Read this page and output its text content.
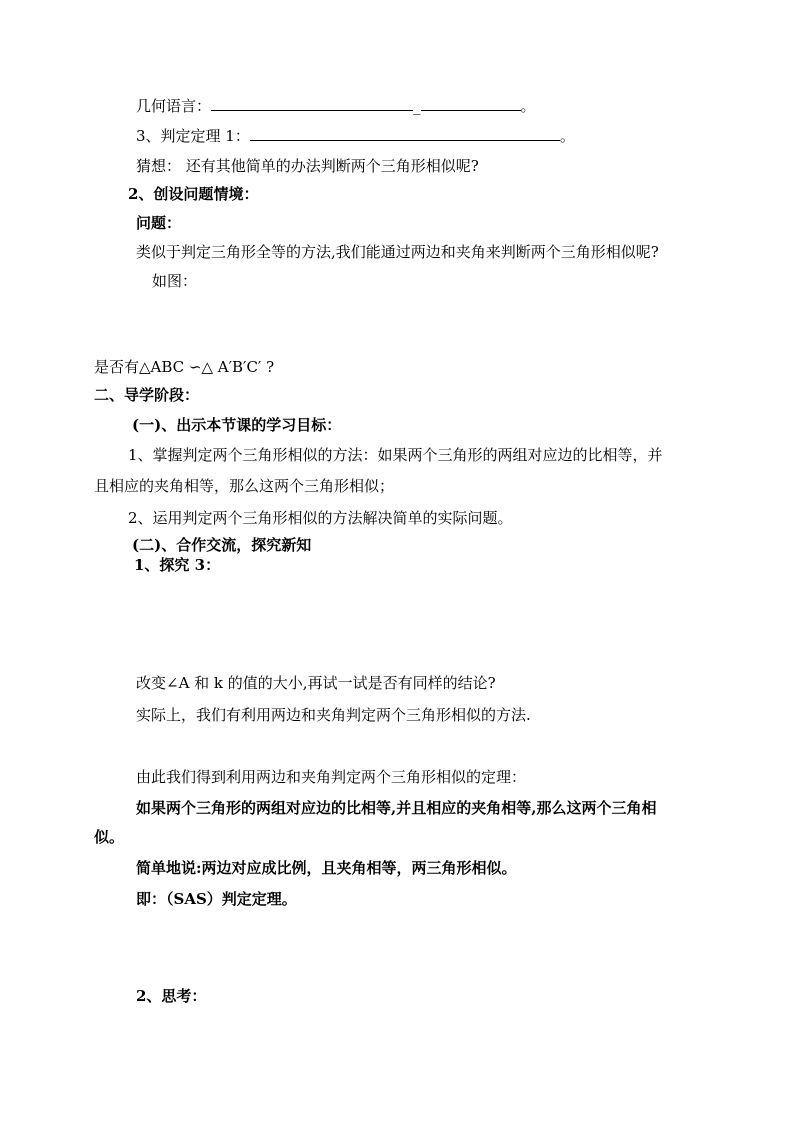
几何语言：	_	。
3、判定定理 1：	。
猜想： 还有其他简单的办法判断两个三角形相似呢?
2、创设问题情境：
问题：
类似于判定三角形全等的方法,我们能通过两边和夹角来判断两个三角形相似呢?
如图：
是否有△ABC ∽△ A′B′C′ ?
二、导学阶段：
(一)、出示本节课的学习目标：
1、掌握判定两个三角形相似的方法：如果两个三角形的两组对应边的比相等，并
且相应的夹角相等，那么这两个三角形相似；
2、运用判定两个三角形相似的方法解决简单的实际问题。
(二)、合作交流，探究新知
1、探究 3：
改变∠A 和 k 的值的大小,再试一试是否有同样的结论?
实际上，我们有利用两边和夹角判定两个三角形相似的方法.
由此我们得到利用两边和夹角判定两个三角形相似的定理：
如果两个三角形的两组对应边的比相等,并且相应的夹角相等,那么这两个三角相
似。
简单地说:两边对应成比例，且夹角相等，两三角形相似。
即：（SAS）判定定理。
2、思考：
